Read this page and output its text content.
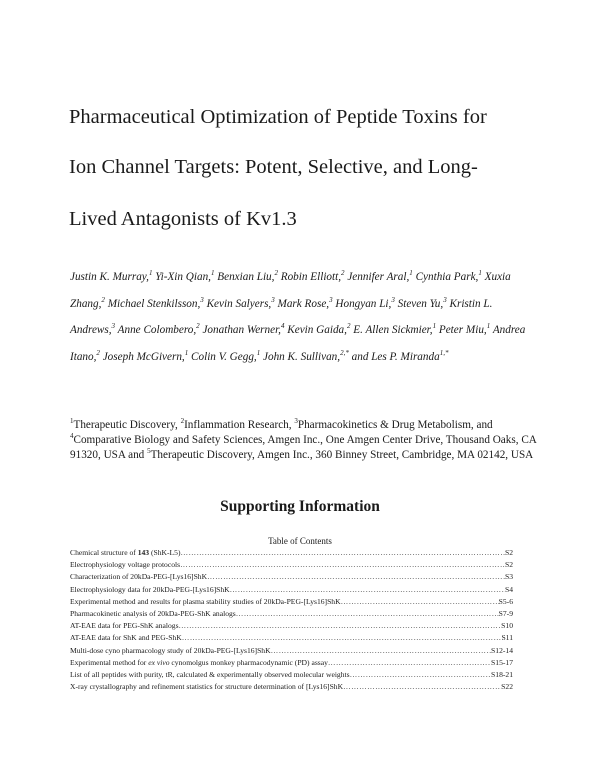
Pharmaceutical Optimization of Peptide Toxins for
Ion Channel Targets: Potent, Selective, and Long-
Lived Antagonists of Kv1.3
Justin K. Murray,$^1$ Yi-Xin Qian,$^1$ Benxian Liu,$^2$ Robin Elliott,$^2$ Jennifer Aral,$^1$ Cynthia Park,$^1$ Xuxia Zhang,$^2$ Michael Stenkilsson,$^3$ Kevin Salyers,$^3$ Mark Rose,$^3$ Hongyan Li,$^3$ Steven Yu,$^3$ Kristin L. Andrews,$^3$ Anne Colombero,$^2$ Jonathan Werner,$^4$ Kevin Gaida,$^2$ E. Allen Sickmier,$^1$ Peter Miu,$^1$ Andrea Itano,$^2$ Joseph McGivern,$^1$ Colin V. Gegg,$^1$ John K. Sullivan,$^{2,*}$ and Les P. Miranda$^{1,*}$
$^1$Therapeutic Discovery, $^2$Inflammation Research, $^3$Pharmacokinetics & Drug Metabolism, and $^4$Comparative Biology and Safety Sciences, Amgen Inc., One Amgen Center Drive, Thousand Oaks, CA 91320, USA and $^5$Therapeutic Discovery, Amgen Inc., 360 Binney Street, Cambridge, MA 02142, USA
Supporting Information
Table of Contents
Chemical structure of 143 (ShK-L5) ……………………………………………………………………………………………………………………………………………………………………………………………………………………………	S2
Electrophysiology voltage protocols ……………………………………………………………………………………………………………………………………………………………………………………………………………………………	S2
Characterization of 20kDa-PEG-[Lys16]ShK ……………………………………………………………………………………………………………………………………………………………………………………………………………………………	S3
Electrophysiology data for 20kDa-PEG-[Lys16]ShK ……………………………………………………………………………………………………………………………………………………………………………………………………………………………	S4
Experimental method and results for plasma stability studies of 20kDa-PEG-[Lys16]ShK ……………………………………………………………………………………………………………………………………………………………………………………………………………………………	S5-6
Pharmacokinetic analysis of 20kDa-PEG-ShK analogs ……………………………………………………………………………………………………………………………………………………………………………………………………………………………	S7-9
AT-EAE data for PEG-ShK analogs ……………………………………………………………………………………………………………………………………………………………………………………………………………………………	S10
AT-EAE data for ShK and PEG-ShK ……………………………………………………………………………………………………………………………………………………………………………………………………………………………	S11
Multi-dose cyno pharmacology study of 20kDa-PEG-[Lys16]ShK ……………………………………………………………………………………………………………………………………………………………………………………………………………………………	S12-14
Experimental method for ex vivo cynomolgus monkey pharmacodynamic (PD) assay ……………………………………………………………………………………………………………………………………………………………………………………………………………………………	S15-17
List of all peptides with purity, tR, calculated & experimentally observed molecular weights ……………………………………………………………………………………………………………………………………………………………………………………………………………………………	S18-21
X-ray crystallography and refinement statistics for structure determination of [Lys16]ShK ……………………………………………………………………………………………………………………………………………………………………………………………………………………………	S22
